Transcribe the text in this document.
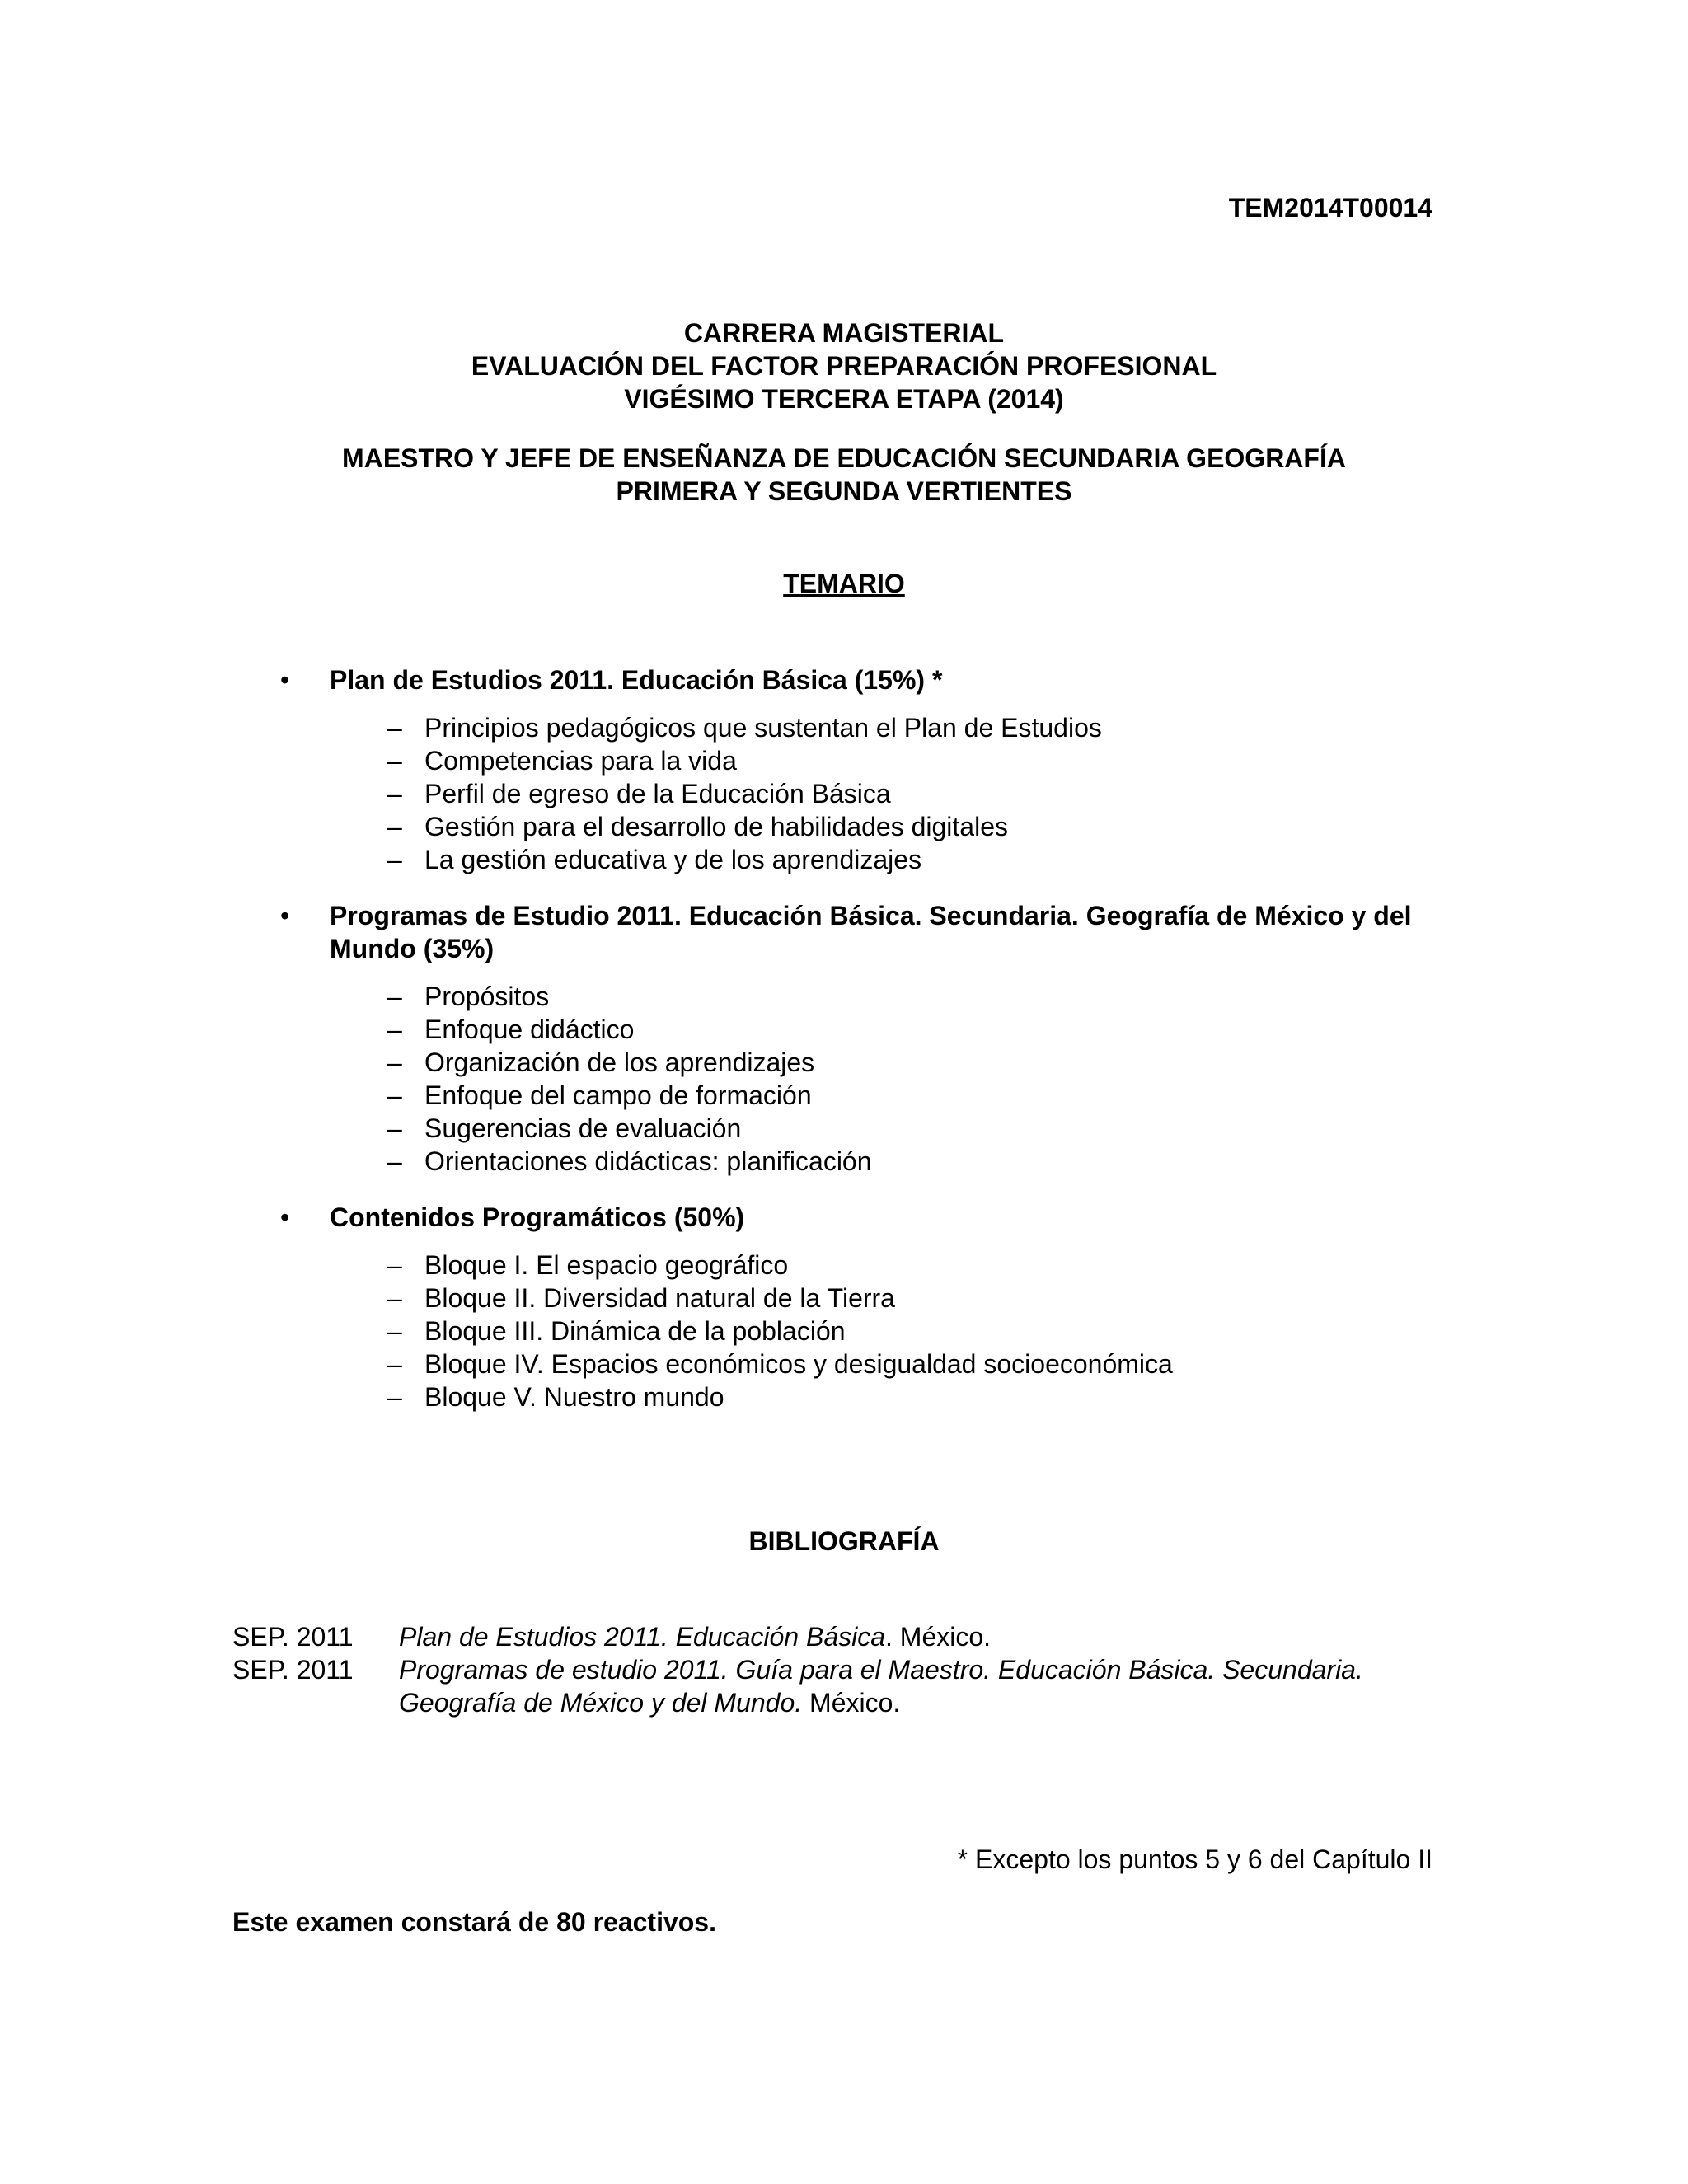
TEM2014T00014

CARRERA MAGISTERIAL
EVALUACIÓN DEL FACTOR PREPARACIÓN PROFESIONAL
VIGÉSIMO TERCERA ETAPA (2014)
MAESTRO Y JEFE DE ENSEÑANZA DE EDUCACIÓN SECUNDARIA GEOGRAFÍA
PRIMERA Y SEGUNDA VERTIENTES
TEMARIO
• Plan de Estudios 2011. Educación Básica (15%) *

– Principios pedagógicos que sustentan el Plan de Estudios
– Competencias para la vida
– Perfil de egreso de la Educación Básica
– Gestión para el desarrollo de habilidades digitales
– La gestión educativa y de los aprendizajes
• Programas de Estudio 2011. Educación Básica. Secundaria. Geografía de México y del Mundo (35%)

– Propósitos
– Enfoque didáctico
– Organización de los aprendizajes
– Enfoque del campo de formación
– Sugerencias de evaluación
– Orientaciones didácticas: planificación
• Contenidos Programáticos (50%)

– Bloque I. El espacio geográfico
– Bloque II. Diversidad natural de la Tierra
– Bloque III. Dinámica de la población
– Bloque IV. Espacios económicos y desigualdad socioeconómica
– Bloque V. Nuestro mundo
BIBLIOGRAFÍA
SEP. 2011	Plan de Estudios 2011. Educación Básica. México.
SEP. 2011	Programas de estudio 2011. Guía para el Maestro. Educación Básica. Secundaria. Geografía de México y del Mundo. México.
* Excepto los puntos 5 y 6 del Capítulo II
Este examen constará de 80 reactivos.
